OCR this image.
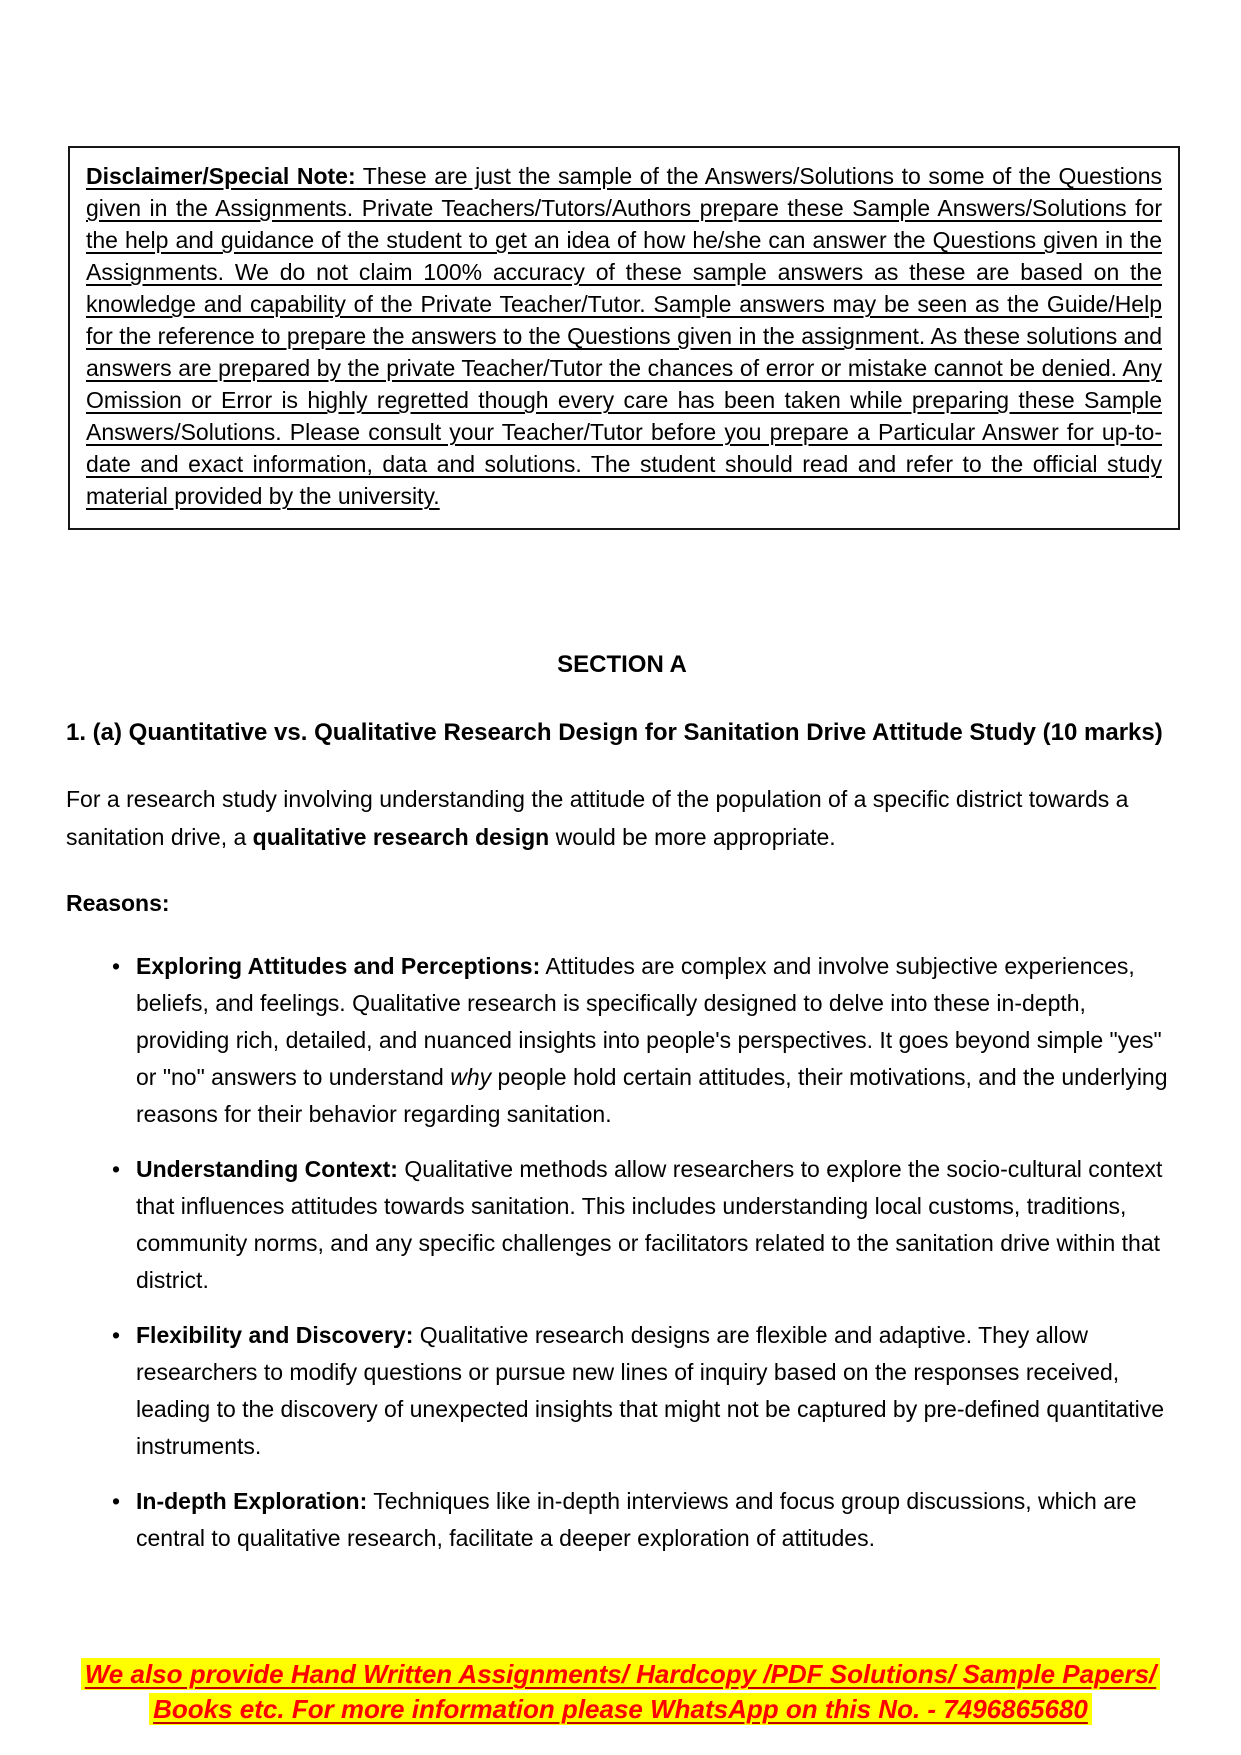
Disclaimer/Special Note: These are just the sample of the Answers/Solutions to some of the Questions given in the Assignments. Private Teachers/Tutors/Authors prepare these Sample Answers/Solutions for the help and guidance of the student to get an idea of how he/she can answer the Questions given in the Assignments. We do not claim 100% accuracy of these sample answers as these are based on the knowledge and capability of the Private Teacher/Tutor. Sample answers may be seen as the Guide/Help for the reference to prepare the answers to the Questions given in the assignment. As these solutions and answers are prepared by the private Teacher/Tutor the chances of error or mistake cannot be denied. Any Omission or Error is highly regretted though every care has been taken while preparing these Sample Answers/Solutions. Please consult your Teacher/Tutor before you prepare a Particular Answer for up-to-date and exact information, data and solutions. The student should read and refer to the official study material provided by the university.

SECTION A
1. (a) Quantitative vs. Qualitative Research Design for Sanitation Drive Attitude Study (10 marks)

For a research study involving understanding the attitude of the population of a specific district towards a sanitation drive, a qualitative research design would be more appropriate.

Reasons:
• Exploring Attitudes and Perceptions: Attitudes are complex and involve subjective experiences, beliefs, and feelings. Qualitative research is specifically designed to delve into these in-depth, providing rich, detailed, and nuanced insights into people's perspectives. It goes beyond simple "yes" or "no" answers to understand why people hold certain attitudes, their motivations, and the underlying reasons for their behavior regarding sanitation.
• Understanding Context: Qualitative methods allow researchers to explore the socio-cultural context that influences attitudes towards sanitation. This includes understanding local customs, traditions, community norms, and any specific challenges or facilitators related to the sanitation drive within that district.
• Flexibility and Discovery: Qualitative research designs are flexible and adaptive. They allow researchers to modify questions or pursue new lines of inquiry based on the responses received, leading to the discovery of unexpected insights that might not be captured by pre-defined quantitative instruments.
• In-depth Exploration: Techniques like in-depth interviews and focus group discussions, which are central to qualitative research, facilitate a deeper exploration of attitudes.
We also provide Hand Written Assignments/ Hardcopy /PDF Solutions/ Sample Papers/
Books etc. For more information please WhatsApp on this No. - 7496865680
